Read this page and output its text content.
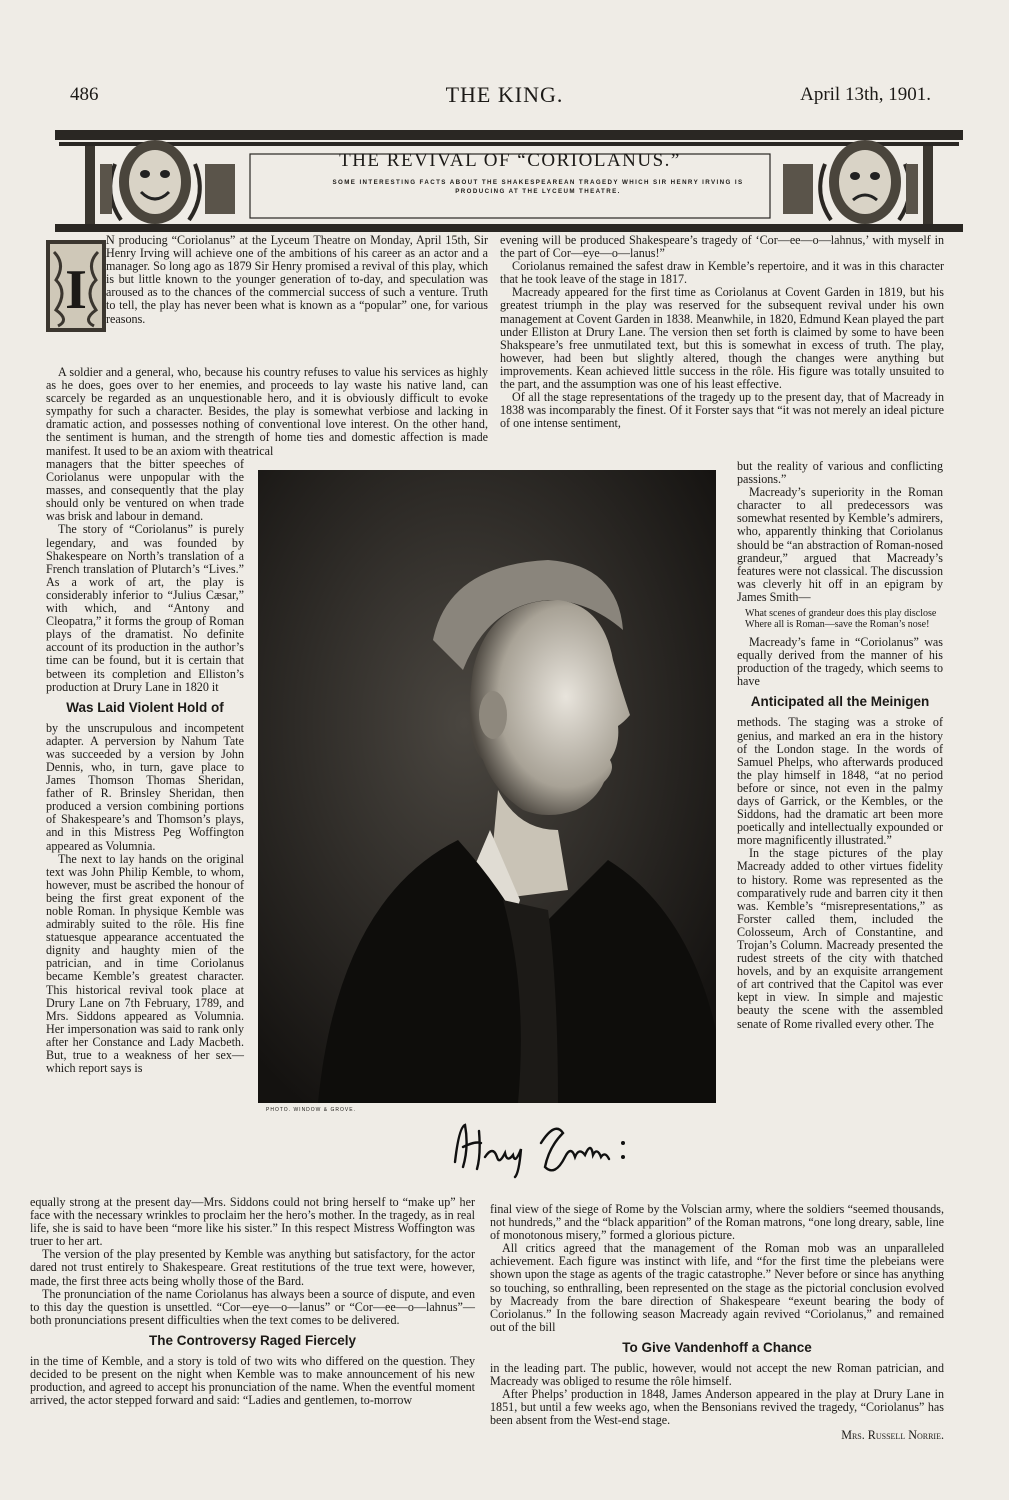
486	THE KING.	April 13th, 1901.
THE REVIVAL OF “CORIOLANUS.”
SOME INTERESTING FACTS ABOUT THE SHAKESPEAREAN TRAGEDY WHICH SIR HENRY IRVING IS PRODUCING AT THE LYCEUM THEATRE.
I

N producing “Coriolanus” at the Lyceum Theatre on Monday, April 15th, Sir Henry Irving will achieve one of the ambitions of his career as an actor and a manager. So long ago as 1879 Sir Henry promised a revival of this play, which is but little known to the younger generation of to-day, and speculation was aroused as to the chances of the commercial success of such a venture. Truth to tell, the play has never been what is known as a “popular” one, for various reasons.

A soldier and a general, who, because his country refuses to value his services as highly as he does, goes over to her enemies, and proceeds to lay waste his native land, can scarcely be regarded as an unquestionable hero, and it is obviously difficult to evoke sympathy for such a character. Besides, the play is somewhat verbiose and lacking in dramatic action, and possesses nothing of conventional love interest. On the other hand, the sentiment is human, and the strength of home ties and domestic affection is made manifest. It used to be an axiom with theatrical

managers that the bitter speeches of Coriolanus were unpopular with the masses, and consequently that the play should only be ventured on when trade was brisk and labour in demand.

The story of “Coriolanus” is purely legendary, and was founded by Shakespeare on North’s translation of a French translation of Plutarch’s “Lives.” As a work of art, the play is considerably inferior to “Julius Cæsar,” with which, and “Antony and Cleopatra,” it forms the group of Roman plays of the dramatist. No definite account of its production in the author’s time can be found, but it is certain that between its completion and Elliston’s production at Drury Lane in 1820 it

Was Laid Violent Hold of

by the unscrupulous and incompetent adapter. A perversion by Nahum Tate was succeeded by a version by John Dennis, who, in turn, gave place to James Thomson Thomas Sheridan, father of R. Brinsley Sheridan, then produced a version combining portions of Shakespeare’s and Thomson’s plays, and in this Mistress Peg Woffington appeared as Volumnia.

The next to lay hands on the original text was John Philip Kemble, to whom, however, must be ascribed the honour of being the first great exponent of the noble Roman. In physique Kemble was admirably suited to the rôle. His fine statuesque appearance accentuated the dignity and haughty mien of the patrician, and in time Coriolanus became Kemble’s greatest character. This historical revival took place at Drury Lane on 7th February, 1789, and Mrs. Siddons appeared as Volumnia. Her impersonation was said to rank only after her Constance and Lady Macbeth. But, true to a weakness of her sex—which report says is

equally strong at the present day—Mrs. Siddons could not bring herself to “make up” her face with the necessary wrinkles to proclaim her the hero’s mother. In the tragedy, as in real life, she is said to have been “more like his sister.” In this respect Mistress Woffington was truer to her art.

The version of the play presented by Kemble was anything but satisfactory, for the actor dared not trust entirely to Shakespeare. Great restitutions of the true text were, however, made, the first three acts being wholly those of the Bard.

The pronunciation of the name Coriolanus has always been a source of dispute, and even to this day the question is unsettled. “Cor—eye—o—lanus” or “Cor—ee—o—lahnus”—both pronunciations present difficulties when the text comes to be delivered.

The Controversy Raged Fiercely

in the time of Kemble, and a story is told of two wits who differed on the question. They decided to be present on the night when Kemble was to make announcement of his new production, and agreed to accept his pronunciation of the name. When the eventful moment arrived, the actor stepped forward and said: “Ladies and gentlemen, to-morrow

evening will be produced Shakespeare’s tragedy of ‘Cor—ee—o—lahnus,’ with myself in the part of Cor—eye—o—lanus!”

Coriolanus remained the safest draw in Kemble’s repertoire, and it was in this character that he took leave of the stage in 1817.

Macready appeared for the first time as Coriolanus at Covent Garden in 1819, but his greatest triumph in the play was reserved for the subsequent revival under his own management at Covent Garden in 1838. Meanwhile, in 1820, Edmund Kean played the part under Elliston at Drury Lane. The version then set forth is claimed by some to have been Shakspeare’s free unmutilated text, but this is somewhat in excess of truth. The play, however, had been but slightly altered, though the changes were anything but improvements. Kean achieved little success in the rôle. His figure was totally unsuited to the part, and the assumption was one of his least effective.

Of all the stage representations of the tragedy up to the present day, that of Macready in 1838 was incomparably the finest. Of it Forster says that “it was not merely an ideal picture of one intense sentiment,

but the reality of various and conflicting passions.”

Macready’s superiority in the Roman character to all predecessors was somewhat resented by Kemble’s admirers, who, apparently thinking that Coriolanus should be “an abstraction of Roman-nosed grandeur,” argued that Macready’s features were not classical. The discussion was cleverly hit off in an epigram by James Smith—

What scenes of grandeur does this play disclose
Where all is Roman—save the Roman’s nose!

Macready’s fame in “Coriolanus” was equally derived from the manner of his production of the tragedy, which seems to have

Anticipated all the Meinigen

methods. The staging was a stroke of genius, and marked an era in the history of the London stage. In the words of Samuel Phelps, who afterwards produced the play himself in 1848, “at no period before or since, not even in the palmy days of Garrick, or the Kembles, or the Siddons, had the dramatic art been more poetically and intellectually expounded or more magnificently illustrated.”

In the stage pictures of the play Macready added to other virtues fidelity to history. Rome was represented as the comparatively rude and barren city it then was. Kemble’s “misrepresentations,” as Forster called them, included the Colosseum, Arch of Constantine, and Trojan’s Column. Macready presented the rudest streets of the city with thatched hovels, and by an exquisite arrangement of art contrived that the Capitol was ever kept in view. In simple and majestic beauty the scene with the assembled senate of Rome rivalled every other. The

final view of the siege of Rome by the Volscian army, where the soldiers “seemed thousands, not hundreds,” and the “black apparition” of the Roman matrons, “one long dreary, sable, line of monotonous misery,” formed a glorious picture.

All critics agreed that the management of the Roman mob was an unparalleled achievement. Each figure was instinct with life, and “for the first time the plebeians were shown upon the stage as agents of the tragic catastrophe.” Never before or since has anything so touching, so enthralling, been represented on the stage as the pictorial conclusion evolved by Macready from the bare direction of Shakespeare “exeunt bearing the body of Coriolanus.” In the following season Macready again revived “Coriolanus,” and remained out of the bill

To Give Vandenhoff a Chance

in the leading part. The public, however, would not accept the new Roman patrician, and Macready was obliged to resume the rôle himself.

After Phelps’ production in 1848, James Anderson appeared in the play at Drury Lane in 1851, but until a few weeks ago, when the Bensonians revived the tragedy, “Coriolanus” has been absent from the West-end stage.

Mrs. Russell Norrie.
PHOTO. WINDOW & GROVE.
